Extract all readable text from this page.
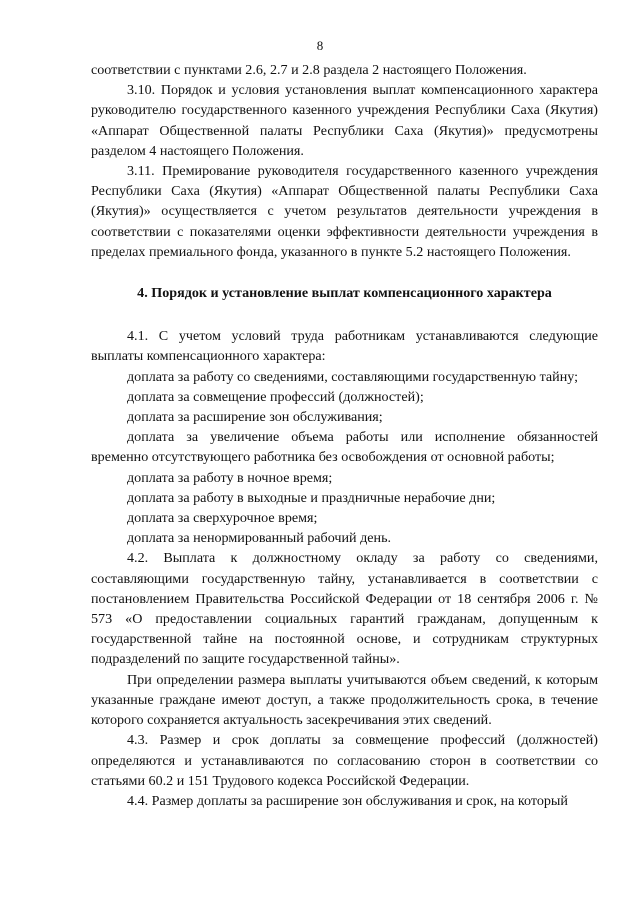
8

соответствии с пунктами 2.6, 2.7 и 2.8 раздела 2 настоящего Положения.

3.10. Порядок и условия установления выплат компенсационного характера руководителю государственного казенного учреждения Республики Саха (Якутия) «Аппарат Общественной палаты Республики Саха (Якутия)» предусмотрены разделом 4 настоящего Положения.

3.11. Премирование руководителя государственного казенного учреждения Республики Саха (Якутия) «Аппарат Общественной палаты Республики Саха (Якутия)» осуществляется с учетом результатов деятельности учреждения в соответствии с показателями оценки эффективности деятельности учреждения в пределах премиального фонда, указанного в пункте 5.2 настоящего Положения.

4. Порядок и установление выплат компенсационного характера

4.1. С учетом условий труда работникам устанавливаются следующие выплаты компенсационного характера:

доплата за работу со сведениями, составляющими государственную тайну;

доплата за совмещение профессий (должностей);

доплата за расширение зон обслуживания;

доплата за увеличение объема работы или исполнение обязанностей временно отсутствующего работника без освобождения от основной работы;

доплата за работу в ночное время;

доплата за работу в выходные и праздничные нерабочие дни;

доплата за сверхурочное время;

доплата за ненормированный рабочий день.

4.2. Выплата к должностному окладу за работу со сведениями, составляющими государственную тайну, устанавливается в соответствии с постановлением Правительства Российской Федерации от 18 сентября 2006 г. № 573 «О предоставлении социальных гарантий гражданам, допущенным к государственной тайне на постоянной основе, и сотрудникам структурных подразделений по защите государственной тайны».

При определении размера выплаты учитываются объем сведений, к которым указанные граждане имеют доступ, а также продолжительность срока, в течение которого сохраняется актуальность засекречивания этих сведений.

4.3. Размер и срок доплаты за совмещение профессий (должностей) определяются и устанавливаются по согласованию сторон в соответствии со статьями 60.2 и 151 Трудового кодекса Российской Федерации.

4.4. Размер доплаты за расширение зон обслуживания и срок, на который
